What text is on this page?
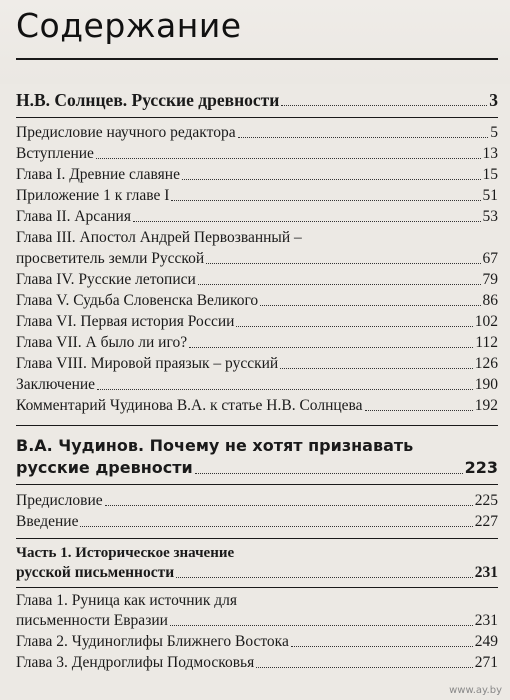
Содержание
Н.В. Солнцев. Русские древности	3
Предисловие научного редактора	5
Вступление	13
Глава I. Древние славяне	15
Приложение 1 к главе I	51
Глава II. Арсания	53
Глава III. Апостол Андрей Первозванный –
просветитель земли Русской	67
Глава IV. Русские летописи	79
Глава V. Судьба Словенска Великого	86
Глава VI. Первая история России	102
Глава VII. А было ли иго?	112
Глава VIII. Мировой праязык – русский	126
Заключение	190
Комментарий Чудинова В.А. к статье Н.В. Солнцева	192
В.А. Чудинов. Почему не хотят признавать
русские древности	223
Предисловие	225
Введение	227
Часть 1. Историческое значение
русской письменности	231
Глава 1. Руница как источник для
письменности Евразии	231
Глава 2. Чудиноглифы Ближнего Востока	249
Глава 3. Дендроглифы Подмосковья	271
www.ay.by
